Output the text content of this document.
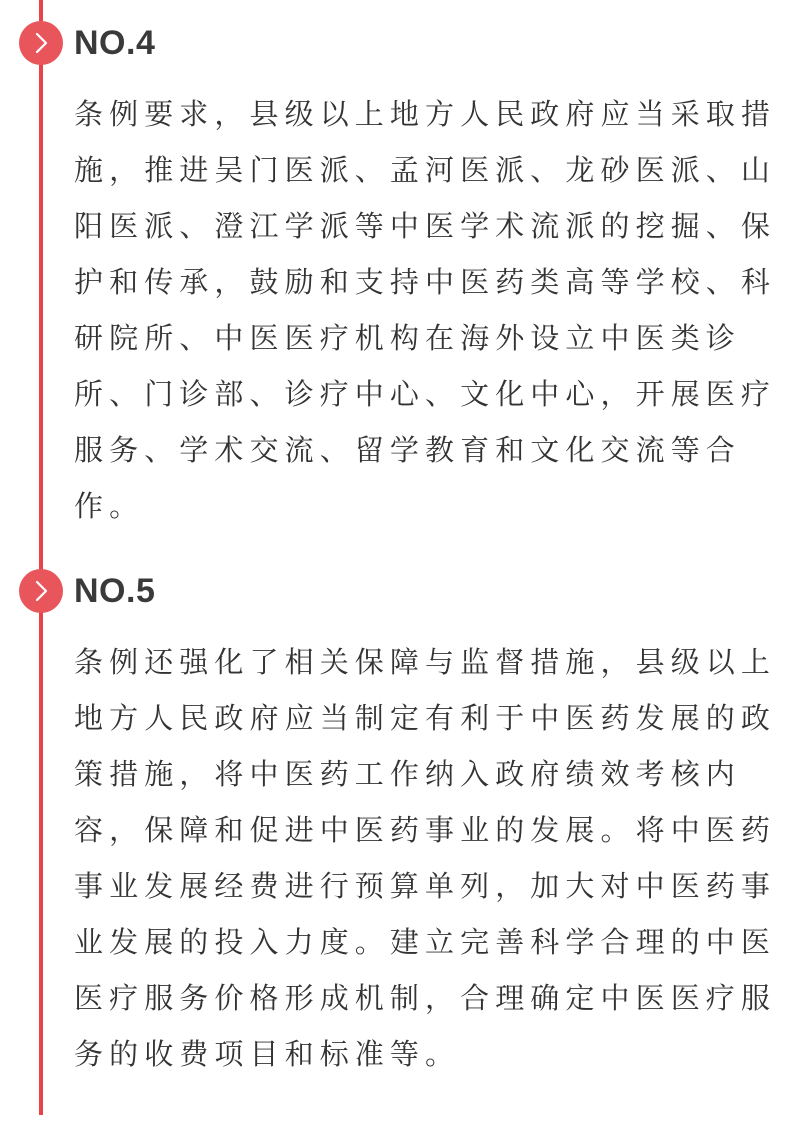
NO.4

条例要求，县级以上地方人民政府应当采取措施，推进吴门医派、孟河医派、龙砂医派、山阳医派、澄江学派等中医学术流派的挖掘、保护和传承，鼓励和支持中医药类高等学校、科研院所、中医医疗机构在海外设立中医类诊所、门诊部、诊疗中心、文化中心，开展医疗服务、学术交流、留学教育和文化交流等合作。

NO.5

条例还强化了相关保障与监督措施，县级以上地方人民政府应当制定有利于中医药发展的政策措施，将中医药工作纳入政府绩效考核内容，保障和促进中医药事业的发展。将中医药事业发展经费进行预算单列，加大对中医药事业发展的投入力度。建立完善科学合理的中医医疗服务价格形成机制，合理确定中医医疗服务的收费项目和标准等。
